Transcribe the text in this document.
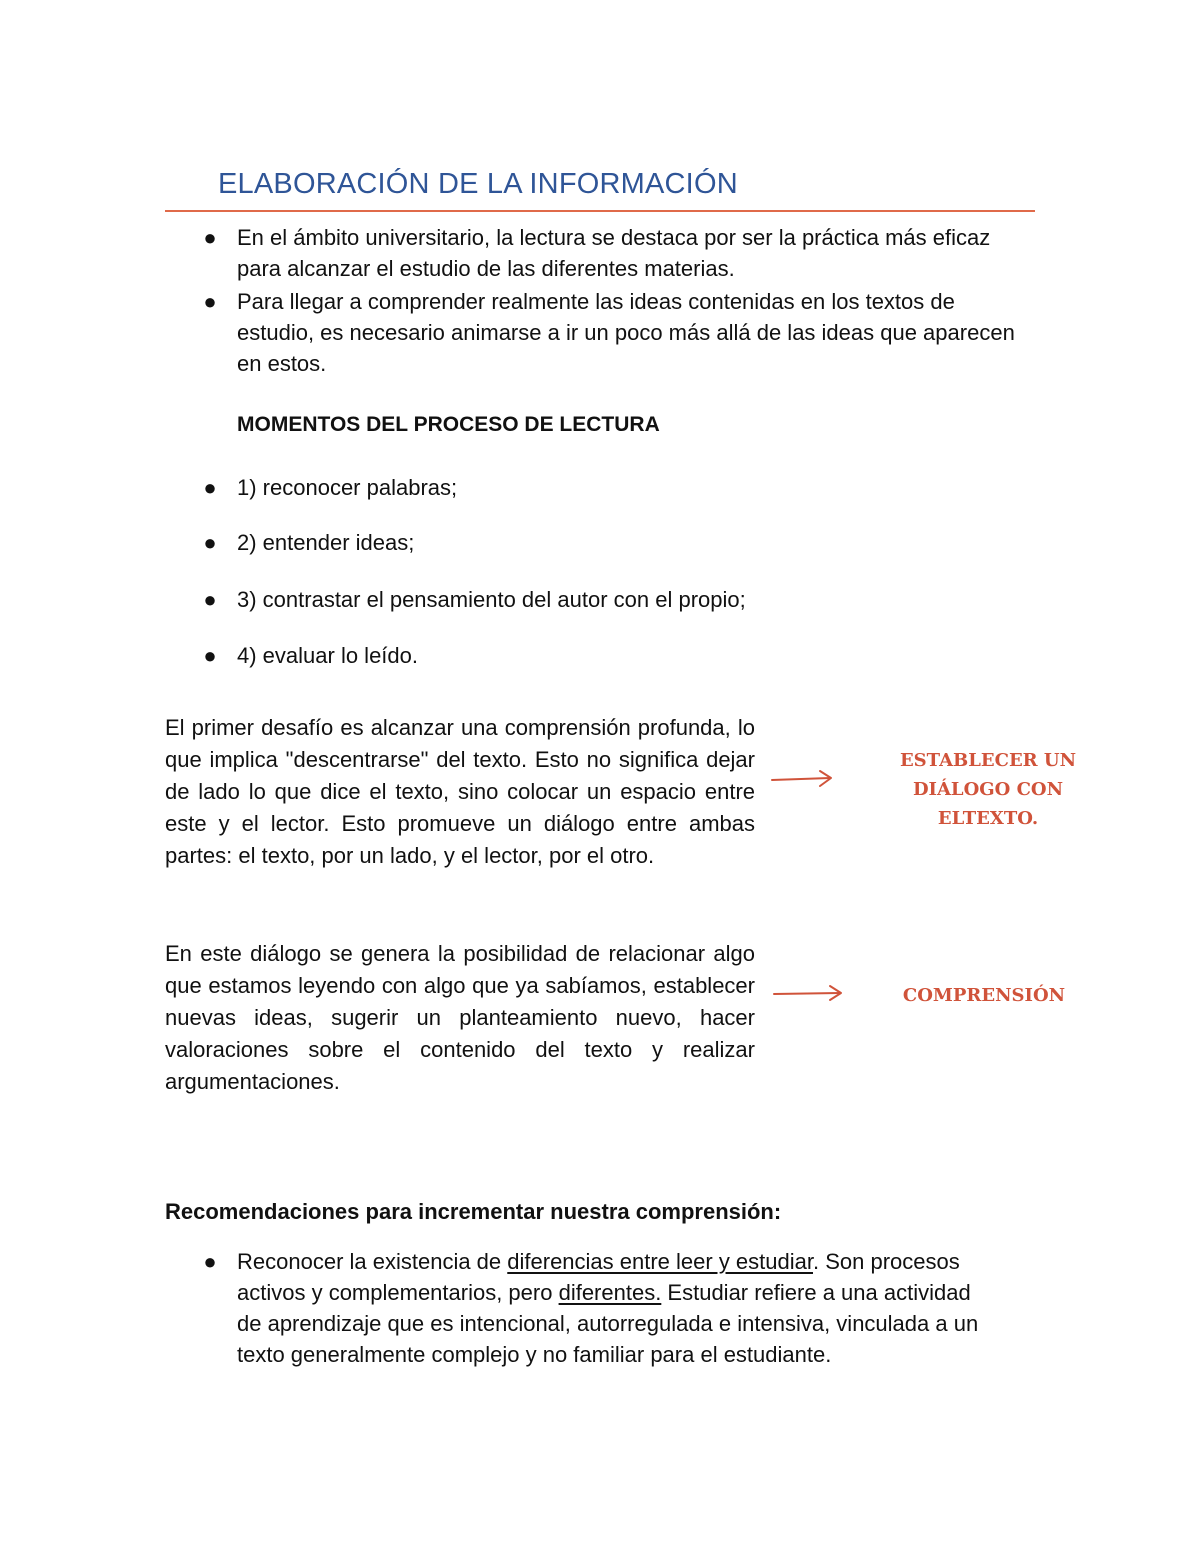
ELABORACIÓN DE LA INFORMACIÓN
● En el ámbito universitario, la lectura se destaca por ser la práctica más eficaz para alcanzar el estudio de las diferentes materias.
● Para llegar a comprender realmente las ideas contenidas en los textos de estudio, es necesario animarse a ir un poco más allá de las ideas que aparecen en estos.
MOMENTOS DEL PROCESO DE LECTURA
● 1) reconocer palabras;
● 2) entender ideas;
● 3) contrastar el pensamiento del autor con el propio;
● 4) evaluar lo leído.
El primer desafío es alcanzar una comprensión profunda, lo que implica "descentrarse" del texto. Esto no significa dejar de lado lo que dice el texto, sino colocar un espacio entre este y el lector. Esto promueve un diálogo entre ambas partes: el texto, por un lado, y el lector, por el otro.
ESTABLECER UN
DIÁLOGO CON
ELTEXTO.
En este diálogo se genera la posibilidad de relacionar algo que estamos leyendo con algo que ya sabíamos, establecer nuevas ideas, sugerir un planteamiento nuevo, hacer valoraciones sobre el contenido del texto y realizar argumentaciones.
COMPRENSIÓN
Recomendaciones para incrementar nuestra comprensión:
● Reconocer la existencia de diferencias entre leer y estudiar. Son procesos activos y complementarios, pero diferentes. Estudiar refiere a una actividad de aprendizaje que es intencional, autorregulada e intensiva, vinculada a un texto generalmente complejo y no familiar para el estudiante.
